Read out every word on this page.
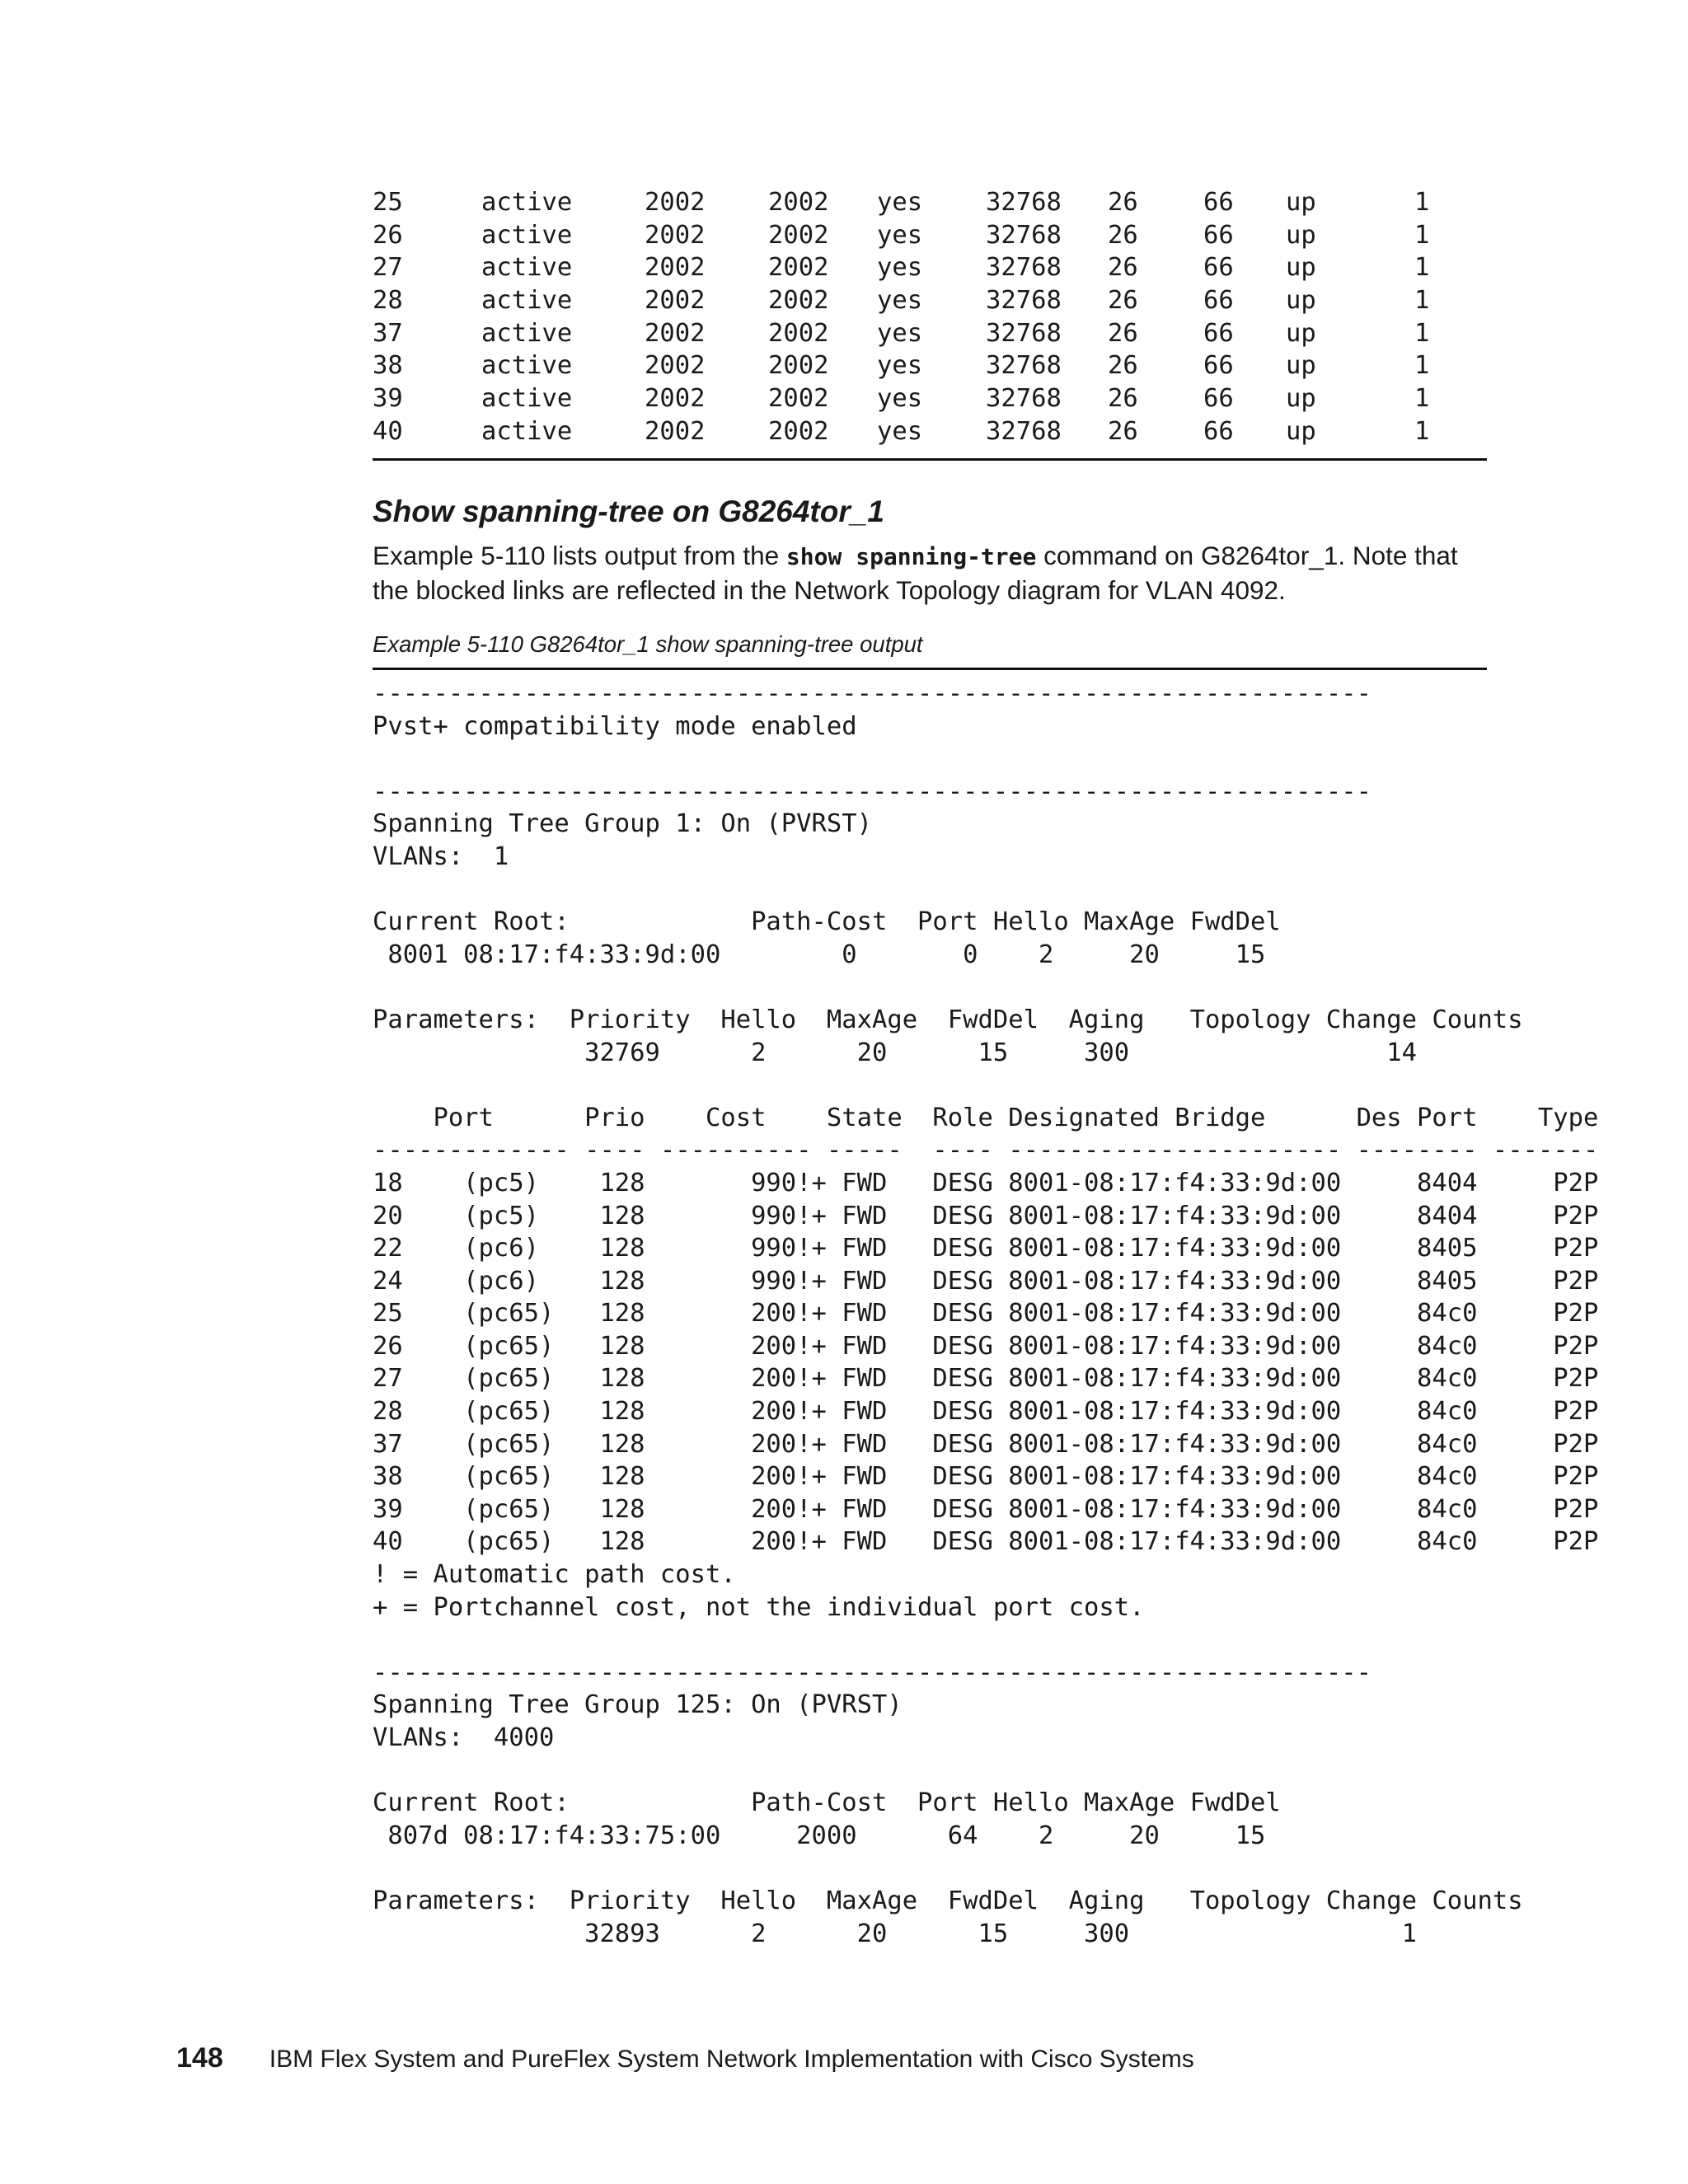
25	active	2002	2002 yes	32768 26	66 up	1
26	active	2002	2002 yes	32768 26	66 up	1
27	active	2002	2002 yes	32768 26	66 up	1
28	active	2002	2002 yes	32768 26	66 up	1
37	active	2002	2002 yes	32768 26	66 up	1
38	active	2002	2002 yes	32768 26	66 up	1
39	active	2002	2002 yes	32768 26	66 up	1
40	active	2002	2002 yes	32768 26	66 up	1
Show spanning-tree on G8264tor_1
Example 5-110 lists output from the show spanning-tree command on G8264tor_1. Note that the blocked links are reflected in the Network Topology diagram for VLAN 4092.
Example 5-110 G8264tor_1 show spanning-tree output
------------------------------------------------------------------
Pvst+ compatibility mode enabled
------------------------------------------------------------------
Spanning Tree Group 1: On (PVRST)
VLANs:  1
Current Root:            Path-Cost  Port Hello MaxAge FwdDel
8001 08:17:f4:33:9d:00        0       0    2     20     15
Parameters:  Priority  Hello  MaxAge  FwdDel  Aging   Topology Change Counts
32769      2      20      15     300                 14
Port      Prio    Cost    State  Role Designated Bridge      Des Port    Type
------------- ---- ---------- -----  ---- ---------------------- -------- -------
18    (pc5)    128       990!+ FWD   DESG 8001-08:17:f4:33:9d:00     8404     P2P
20    (pc5)    128       990!+ FWD   DESG 8001-08:17:f4:33:9d:00     8404     P2P
22    (pc6)    128       990!+ FWD   DESG 8001-08:17:f4:33:9d:00     8405     P2P
24    (pc6)    128       990!+ FWD   DESG 8001-08:17:f4:33:9d:00     8405     P2P
25    (pc65)   128       200!+ FWD   DESG 8001-08:17:f4:33:9d:00     84c0     P2P
26    (pc65)   128       200!+ FWD   DESG 8001-08:17:f4:33:9d:00     84c0     P2P
27    (pc65)   128       200!+ FWD   DESG 8001-08:17:f4:33:9d:00     84c0     P2P
28    (pc65)   128       200!+ FWD   DESG 8001-08:17:f4:33:9d:00     84c0     P2P
37    (pc65)   128       200!+ FWD   DESG 8001-08:17:f4:33:9d:00     84c0     P2P
38    (pc65)   128       200!+ FWD   DESG 8001-08:17:f4:33:9d:00     84c0     P2P
39    (pc65)   128       200!+ FWD   DESG 8001-08:17:f4:33:9d:00     84c0     P2P
40    (pc65)   128       200!+ FWD   DESG 8001-08:17:f4:33:9d:00     84c0     P2P
! = Automatic path cost.
+ = Portchannel cost, not the individual port cost.
------------------------------------------------------------------
Spanning Tree Group 125: On (PVRST)
VLANs:  4000
Current Root:            Path-Cost  Port Hello MaxAge FwdDel
807d 08:17:f4:33:75:00     2000      64    2     20     15
Parameters:  Priority  Hello  MaxAge  FwdDel  Aging   Topology Change Counts
32893      2      20      15     300                  1
148 IBM Flex System and PureFlex System Network Implementation with Cisco Systems
